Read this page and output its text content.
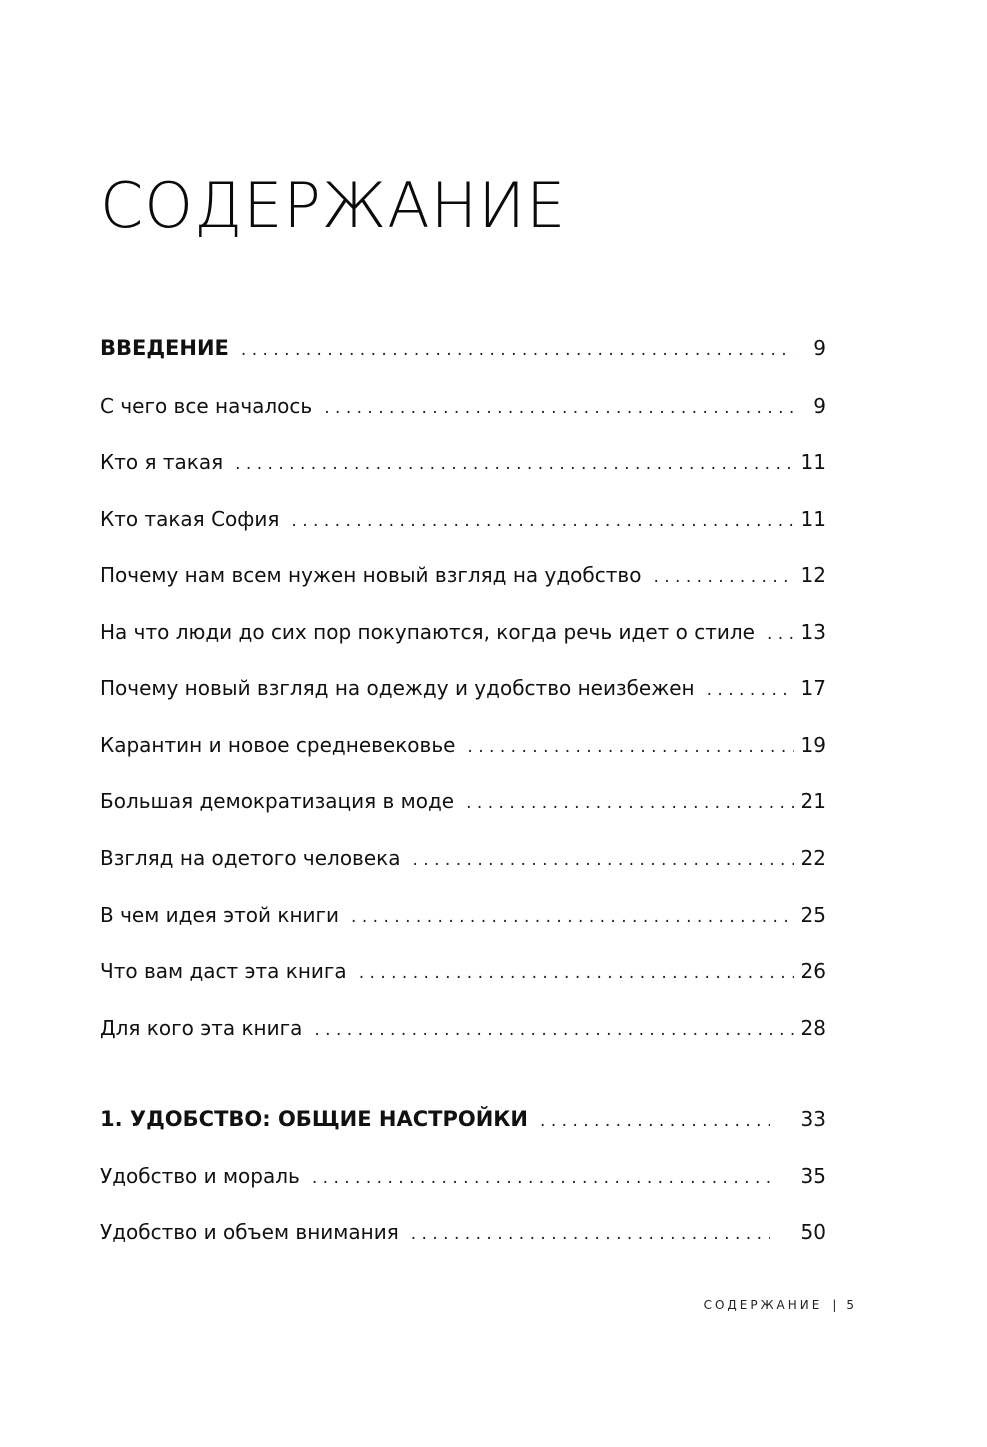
СОДЕРЖАНИЕ
ВВЕДЕНИЕ . . .	9
С чего все началось . . .	9
Кто я такая . . .	11
Кто такая София . . .	11
Почему нам всем нужен новый взгляд на удобство . . .	12
На что люди до сих пор покупаются, когда речь идет о стиле . . . 13
Почему новый взгляд на одежду и удобство неизбежен . . .	17
Карантин и новое средневековье . . .	19
Большая демократизация в моде . . .	21
Взгляд на одетого человека . . .	22
В чем идея этой книги . . .	25
Что вам даст эта книга . . .	26
Для кого эта книга . . .	28
1. УДОБСТВО: ОБЩИЕ НАСТРОЙКИ . . .	33
Удобство и мораль . . .	35
Удобство и объем внимания . . .	50
СОДЕРЖАНИЕ | 5
